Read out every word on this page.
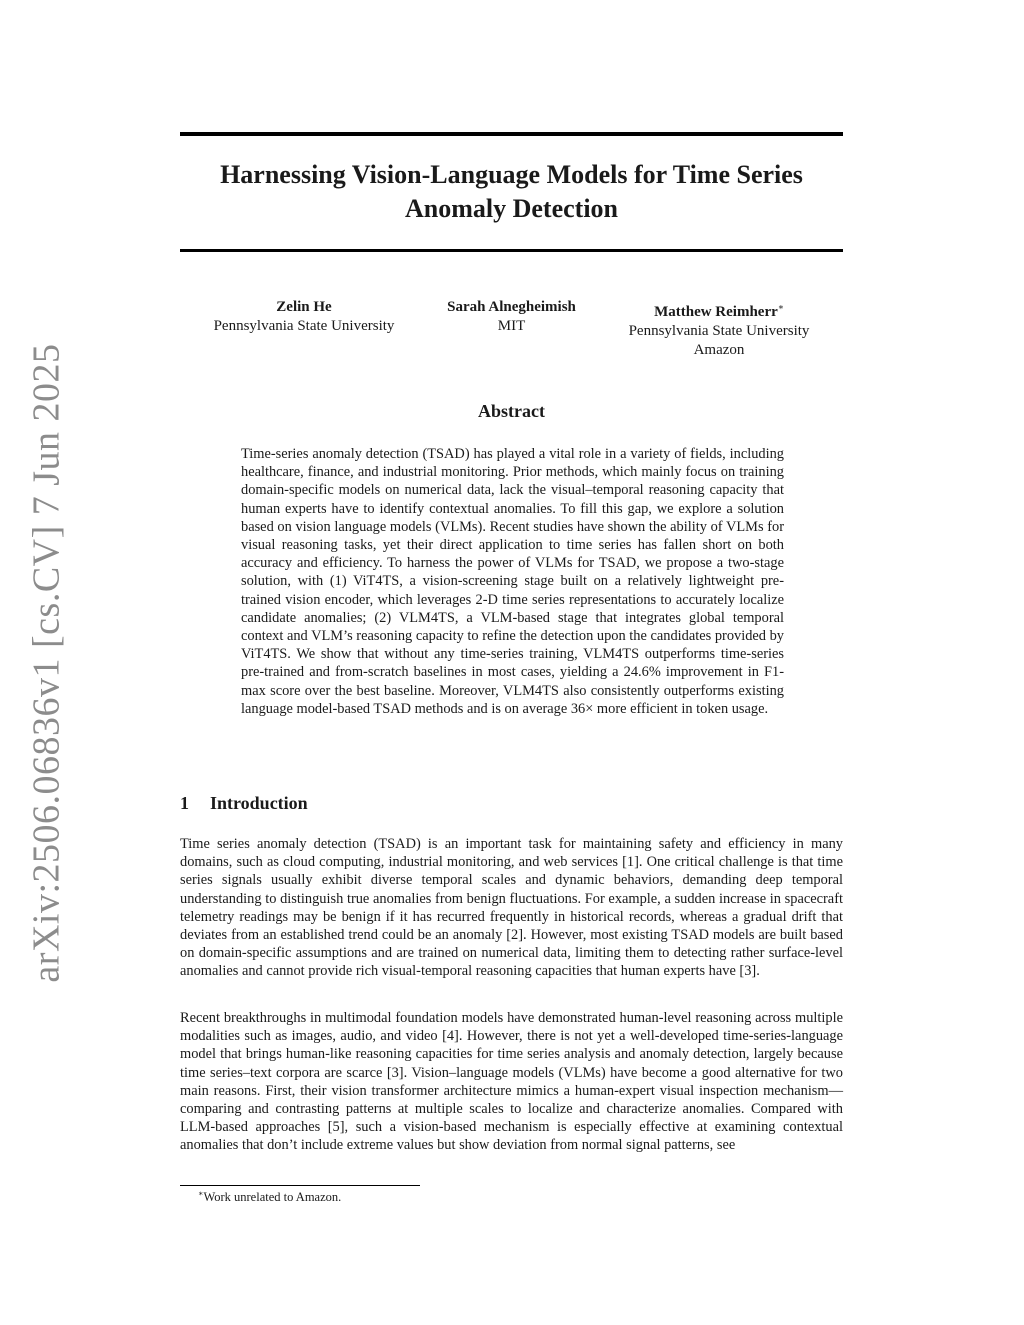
arXiv:2506.06836v1 [cs.CV] 7 Jun 2025
Harnessing Vision-Language Models for Time Series Anomaly Detection
Zelin He
Pennsylvania State University
Sarah Alnegheimish
MIT
Matthew Reimherr∗
Pennsylvania State University
Amazon
Abstract

Time-series anomaly detection (TSAD) has played a vital role in a variety of fields, including healthcare, finance, and industrial monitoring. Prior methods, which mainly focus on training domain-specific models on numerical data, lack the visual–temporal reasoning capacity that human experts have to identify contextual anomalies. To fill this gap, we explore a solution based on vision language models (VLMs). Recent studies have shown the ability of VLMs for visual reasoning tasks, yet their direct application to time series has fallen short on both accuracy and efficiency. To harness the power of VLMs for TSAD, we propose a two-stage solution, with (1) ViT4TS, a vision-screening stage built on a relatively lightweight pre-trained vision encoder, which leverages 2-D time series representations to accurately localize candidate anomalies; (2) VLM4TS, a VLM-based stage that integrates global temporal context and VLM’s reasoning capacity to refine the detection upon the candidates provided by ViT4TS. We show that without any time-series training, VLM4TS outperforms time-series pre-trained and from-scratch baselines in most cases, yielding a 24.6% improvement in F1-max score over the best baseline. Moreover, VLM4TS also consistently outperforms existing language model-based TSAD methods and is on average 36× more efficient in token usage.

1 Introduction

Time series anomaly detection (TSAD) is an important task for maintaining safety and efficiency in many domains, such as cloud computing, industrial monitoring, and web services [1]. One critical challenge is that time series signals usually exhibit diverse temporal scales and dynamic behaviors, demanding deep temporal understanding to distinguish true anomalies from benign fluctuations. For example, a sudden increase in spacecraft telemetry readings may be benign if it has recurred frequently in historical records, whereas a gradual drift that deviates from an established trend could be an anomaly [2]. However, most existing TSAD models are built based on domain-specific assumptions and are trained on numerical data, limiting them to detecting rather surface-level anomalies and cannot provide rich visual-temporal reasoning capacities that human experts have [3].

Recent breakthroughs in multimodal foundation models have demonstrated human-level reasoning across multiple modalities such as images, audio, and video [4]. However, there is not yet a well-developed time-series-language model that brings human-like reasoning capacities for time series analysis and anomaly detection, largely because time series–text corpora are scarce [3]. Vision–language models (VLMs) have become a good alternative for two main reasons. First, their vision transformer architecture mimics a human-expert visual inspection mechanism—comparing and contrasting patterns at multiple scales to localize and characterize anomalies. Compared with LLM-based approaches [5], such a vision-based mechanism is especially effective at examining contextual anomalies that don’t include extreme values but show deviation from normal signal patterns, see

∗Work unrelated to Amazon.
